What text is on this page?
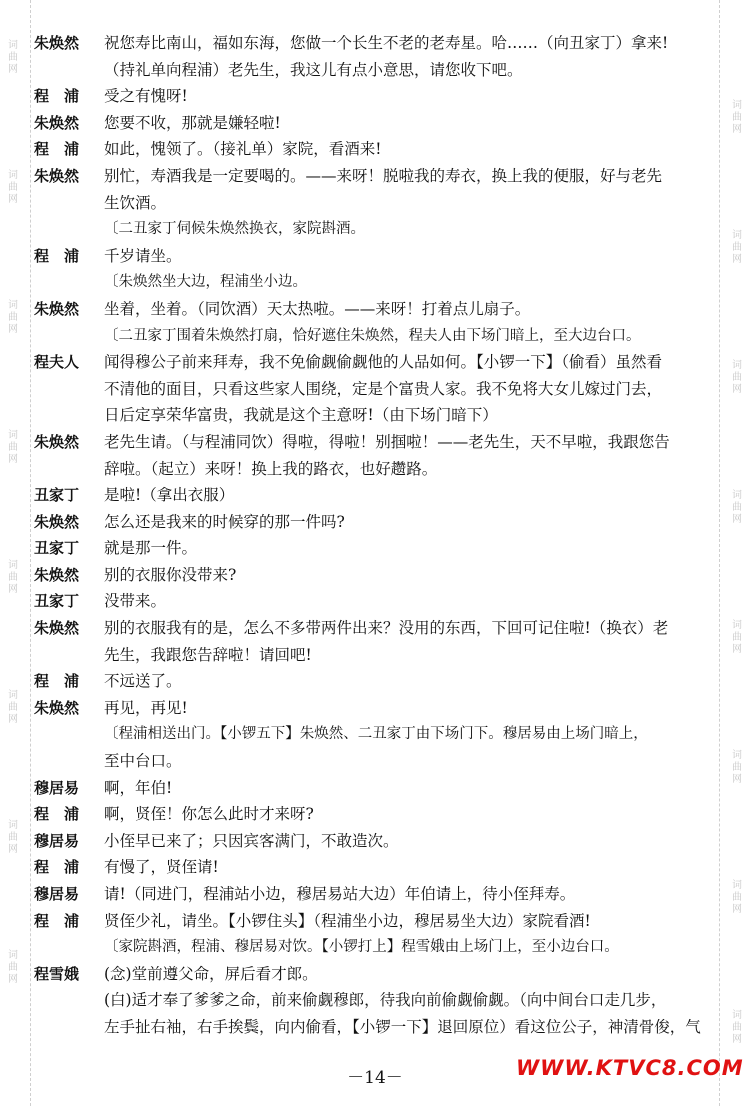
词曲网
词曲网
词曲网
词曲网
词曲网
词曲网
词曲网
词曲网
词曲网
词曲网
词曲网
词曲网
词曲网
词曲网
词曲网
词曲网
朱焕然	祝您寿比南山，福如东海，您做一个长生不老的老寿星。哈……（向丑家丁）拿来!
（持礼单向程浦）老先生，我这儿有点小意思，请您收下吧。
程　浦	受之有愧呀!
朱焕然	您要不收，那就是嫌轻啦!
程　浦	如此，愧领了。（接礼单）家院，看酒来!
朱焕然	别忙，寿酒我是一定要喝的。——来呀！脱啦我的寿衣，换上我的便服，好与老先
生饮酒。
〔二丑家丁伺候朱焕然换衣，家院斟酒。
程　浦	千岁请坐。
〔朱焕然坐大边，程浦坐小边。
朱焕然	坐着，坐着。（同饮酒）天太热啦。——来呀！打着点儿扇子。
〔二丑家丁围着朱焕然打扇，恰好遮住朱焕然，程夫人由下场门暗上，至大边台口。
程夫人	闻得穆公子前来拜寿，我不免偷觑偷觑他的人品如何。【小锣一下】（偷看）虽然看
不清他的面目，只看这些家人围绕，定是个富贵人家。我不免将大女儿嫁过门去，
日后定享荣华富贵，我就是这个主意呀!（由下场门暗下）
朱焕然	老先生请。（与程浦同饮）得啦，得啦！别掴啦！——老先生，天不早啦，我跟您告
辞啦。（起立）来呀！换上我的路衣，也好趱路。
丑家丁	是啦!（拿出衣服）
朱焕然	怎么还是我来的时候穿的那一件吗?
丑家丁	就是那一件。
朱焕然	别的衣服你没带来?
丑家丁	没带来。
朱焕然	别的衣服我有的是，怎么不多带两件出来？没用的东西，下回可记住啦!（换衣）老
先生，我跟您告辞啦！请回吧!
程　浦	不远送了。
朱焕然	再见，再见!
〔程浦相送出门。【小锣五下】朱焕然、二丑家丁由下场门下。穆居易由上场门暗上，
至中台口。
穆居易	啊，年伯!
程　浦	啊，贤侄！你怎么此时才来呀?
穆居易	小侄早已来了；只因宾客满门，不敢造次。
程　浦	有慢了，贤侄请!
穆居易	请!（同进门，程浦站小边，穆居易站大边）年伯请上，待小侄拜寿。
程　浦	贤侄少礼，请坐。【小锣住头】（程浦坐小边，穆居易坐大边）家院看酒!
〔家院斟酒，程浦、穆居易对饮。【小锣打上】程雪娥由上场门上，至小边台口。
程雪娥	(念)堂前遵父命，屏后看才郎。
(白)适才奉了爹爹之命，前来偷觑穆郎，待我向前偷觑偷觑。（向中间台口走几步，
左手扯右袖，右手挨鬓，向内偷看，【小锣一下】退回原位）看这位公子，神清骨俊，气
－14－	WWW.KTVC8.COM
